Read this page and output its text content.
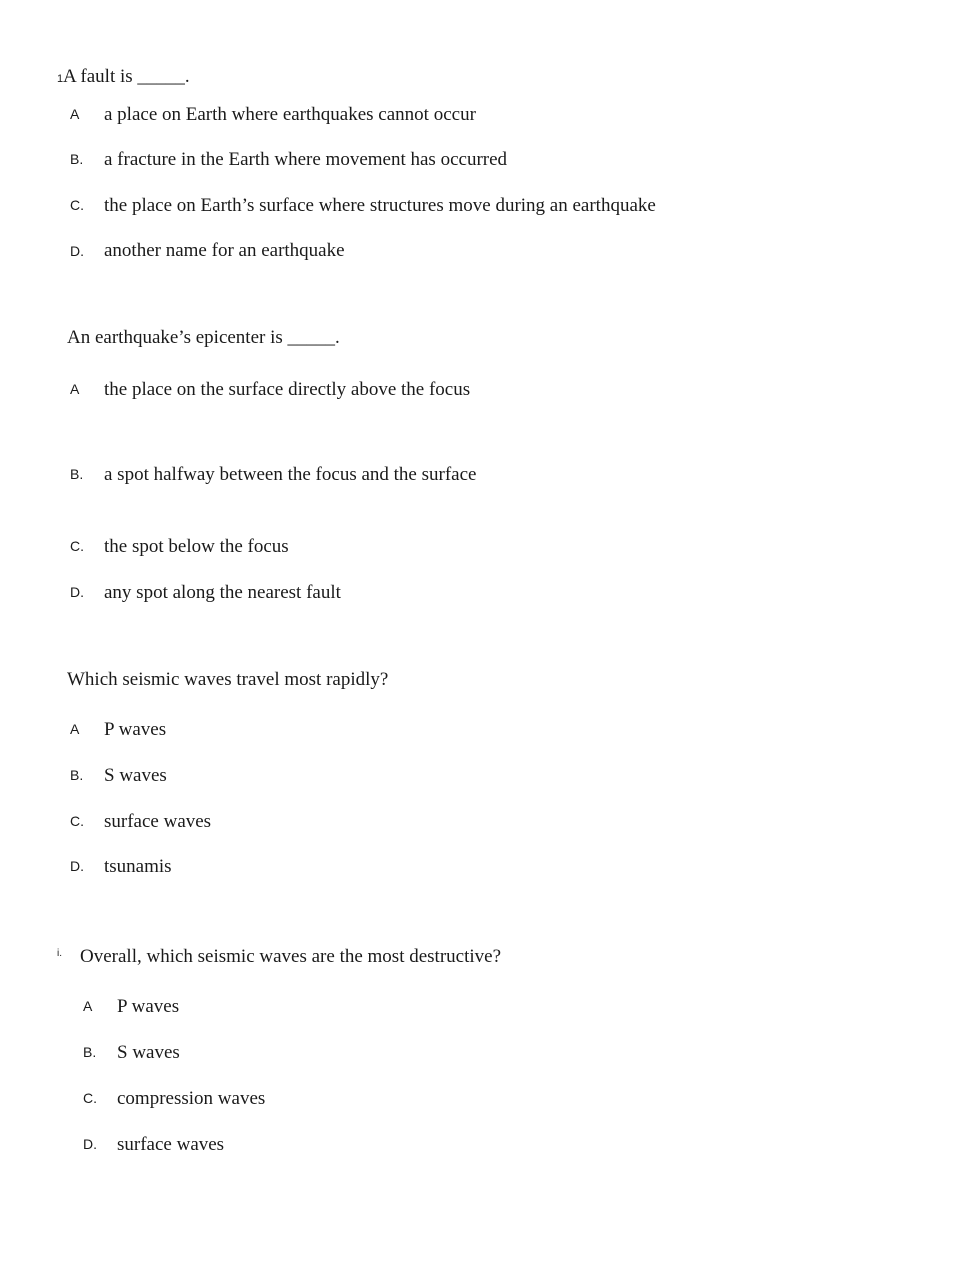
1 A fault is _____.
A a place on Earth where earthquakes cannot occur
B. a fracture in the Earth where movement has occurred
C. the place on Earth’s surface where structures move during an earthquake
D. another name for an earthquake
An earthquake’s epicenter is _____.
A the place on the surface directly above the focus
B. a spot halfway between the focus and the surface
C. the spot below the focus
D. any spot along the nearest fault
Which seismic waves travel most rapidly?
A P waves
B. S waves
C. surface waves
D. tsunamis
i. Overall, which seismic waves are the most destructive?
A P waves
B. S waves
C. compression waves
D. surface waves
